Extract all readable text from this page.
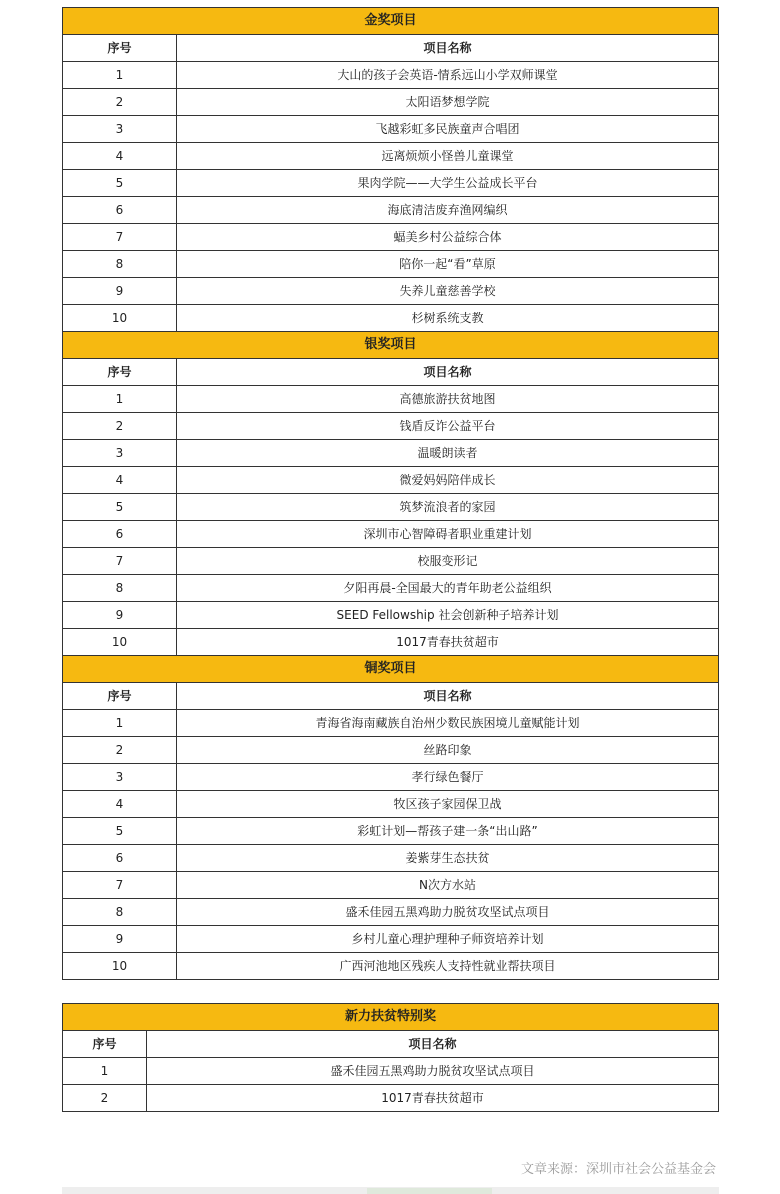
金奖项目	
序号	项目名称
1	大山的孩子会英语-情系远山小学双师课堂
2	太阳语梦想学院
3	飞越彩虹多民族童声合唱团
4	远离烦烦小怪兽儿童课堂
5	果肉学院——大学生公益成长平台
6	海底清洁废弃渔网编织
7	蝠美乡村公益综合体
8	陪你一起“看”草原
9	失养儿童慈善学校
10	杉树系统支教
银奖项目	
序号	项目名称
1	高德旅游扶贫地图
2	钱盾反诈公益平台
3	温暖朗读者
4	微爱妈妈陪伴成长
5	筑梦流浪者的家园
6	深圳市心智障碍者职业重建计划
7	校服变形记
8	夕阳再晨-全国最大的青年助老公益组织
9	SEED Fellowship 社会创新种子培养计划
10	1017青春扶贫超市
铜奖项目	
序号	项目名称
1	青海省海南藏族自治州少数民族困境儿童赋能计划
2	丝路印象
3	孝行绿色餐厅
4	牧区孩子家园保卫战
5	彩虹计划—帮孩子建一条“出山路”
6	姜紫芽生态扶贫
7	N次方水站
8	盛禾佳园五黑鸡助力脱贫攻坚试点项目
9	乡村儿童心理护理种子师资培养计划
10	广西河池地区残疾人支持性就业帮扶项目
新力扶贫特别奖	
序号	项目名称
1	盛禾佳园五黑鸡助力脱贫攻坚试点项目
2	1017青春扶贫超市
文章来源：深圳市社会公益基金会
